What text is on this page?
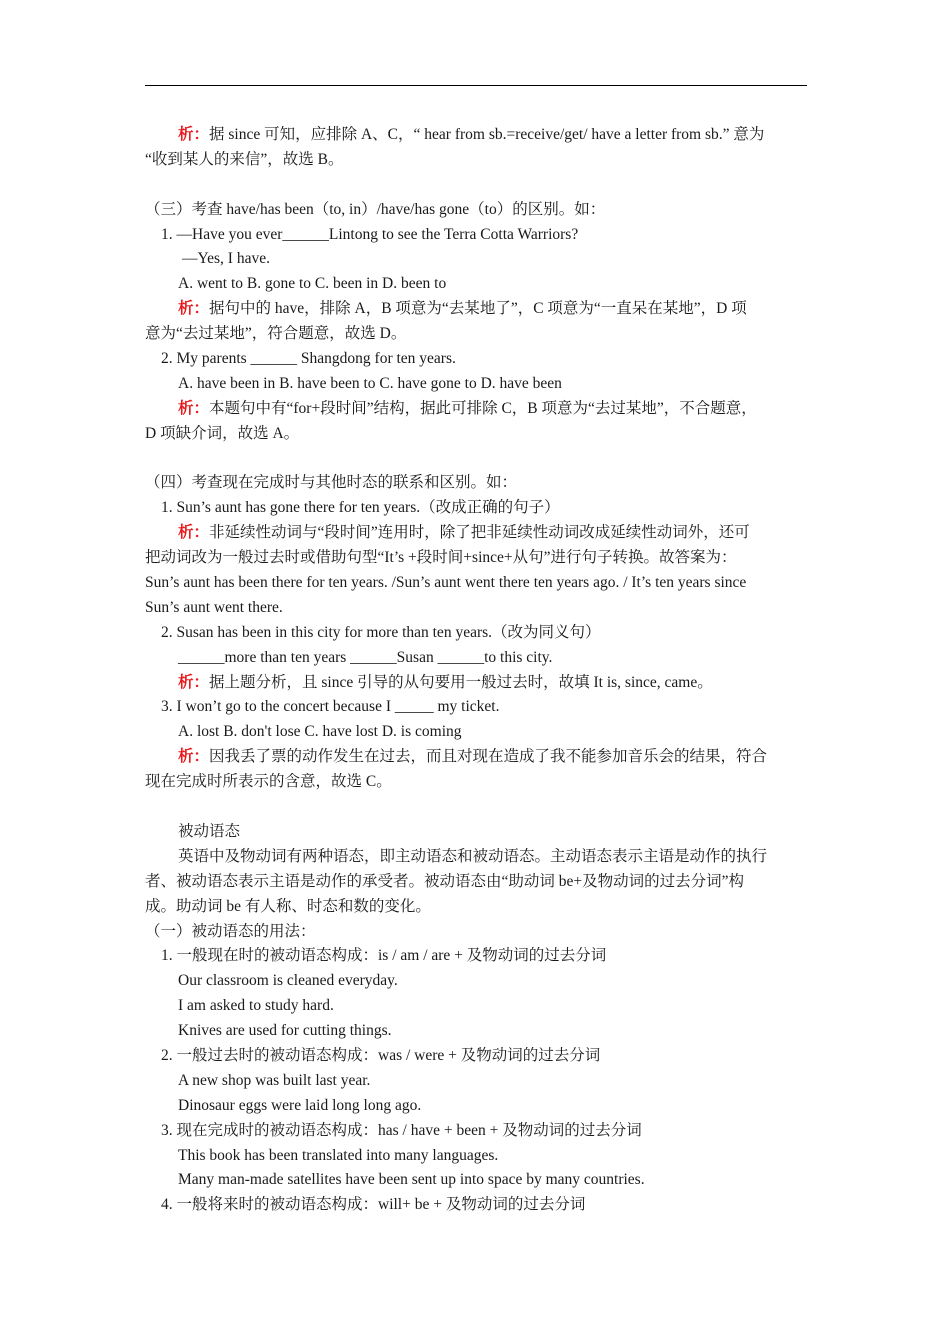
析：据 since 可知，应排除 A、C，“ hear from sb.=receive/get/ have a letter from sb.” 意为
“收到某人的来信”，故选 B。
（三）考查 have/has been（to, in）/have/has gone（to）的区别。如：
1. —Have you ever______Lintong to see the Terra Cotta Warriors?
—Yes, I have.
A. went to B. gone to C. been in D. been to
析：据句中的 have，排除 A，B 项意为“去某地了”，C 项意为“一直呆在某地”，D 项
意为“去过某地”，符合题意，故选 D。
2. My parents ______ Shangdong for ten years.
A. have been in B. have been to C. have gone to D. have been
析：本题句中有“for+段时间”结构，据此可排除 C，B 项意为“去过某地”，不合题意，
D 项缺介词，故选 A。
（四）考查现在完成时与其他时态的联系和区别。如：
1. Sun’s aunt has gone there for ten years.（改成正确的句子）
析：非延续性动词与“段时间”连用时，除了把非延续性动词改成延续性动词外，还可
把动词改为一般过去时或借助句型“It’s +段时间+since+从句”进行句子转换。故答案为：
Sun’s aunt has been there for ten years. /Sun’s aunt went there ten years ago. / It’s ten years since
Sun’s aunt went there.
2. Susan has been in this city for more than ten years.（改为同义句）
______more than ten years ______Susan ______to this city.
析：据上题分析，且 since 引导的从句要用一般过去时，故填 It is, since, came。
3. I won’t go to the concert because I _____ my ticket.
A. lost B. don't lose C. have lost D. is coming
析：因我丢了票的动作发生在过去，而且对现在造成了我不能参加音乐会的结果，符合
现在完成时所表示的含意，故选 C。
被动语态
英语中及物动词有两种语态，即主动语态和被动语态。主动语态表示主语是动作的执行
者、被动语态表示主语是动作的承受者。被动语态由“助动词 be+及物动词的过去分词”构
成。助动词 be 有人称、时态和数的变化。
（一）被动语态的用法：
1. 一般现在时的被动语态构成：is / am / are + 及物动词的过去分词
Our classroom is cleaned everyday.
I am asked to study hard.
Knives are used for cutting things.
2. 一般过去时的被动语态构成：was / were + 及物动词的过去分词
A new shop was built last year.
Dinosaur eggs were laid long long ago.
3. 现在完成时的被动语态构成：has / have + been + 及物动词的过去分词
This book has been translated into many languages.
Many man-made satellites have been sent up into space by many countries.
4. 一般将来时的被动语态构成：will+ be + 及物动词的过去分词
